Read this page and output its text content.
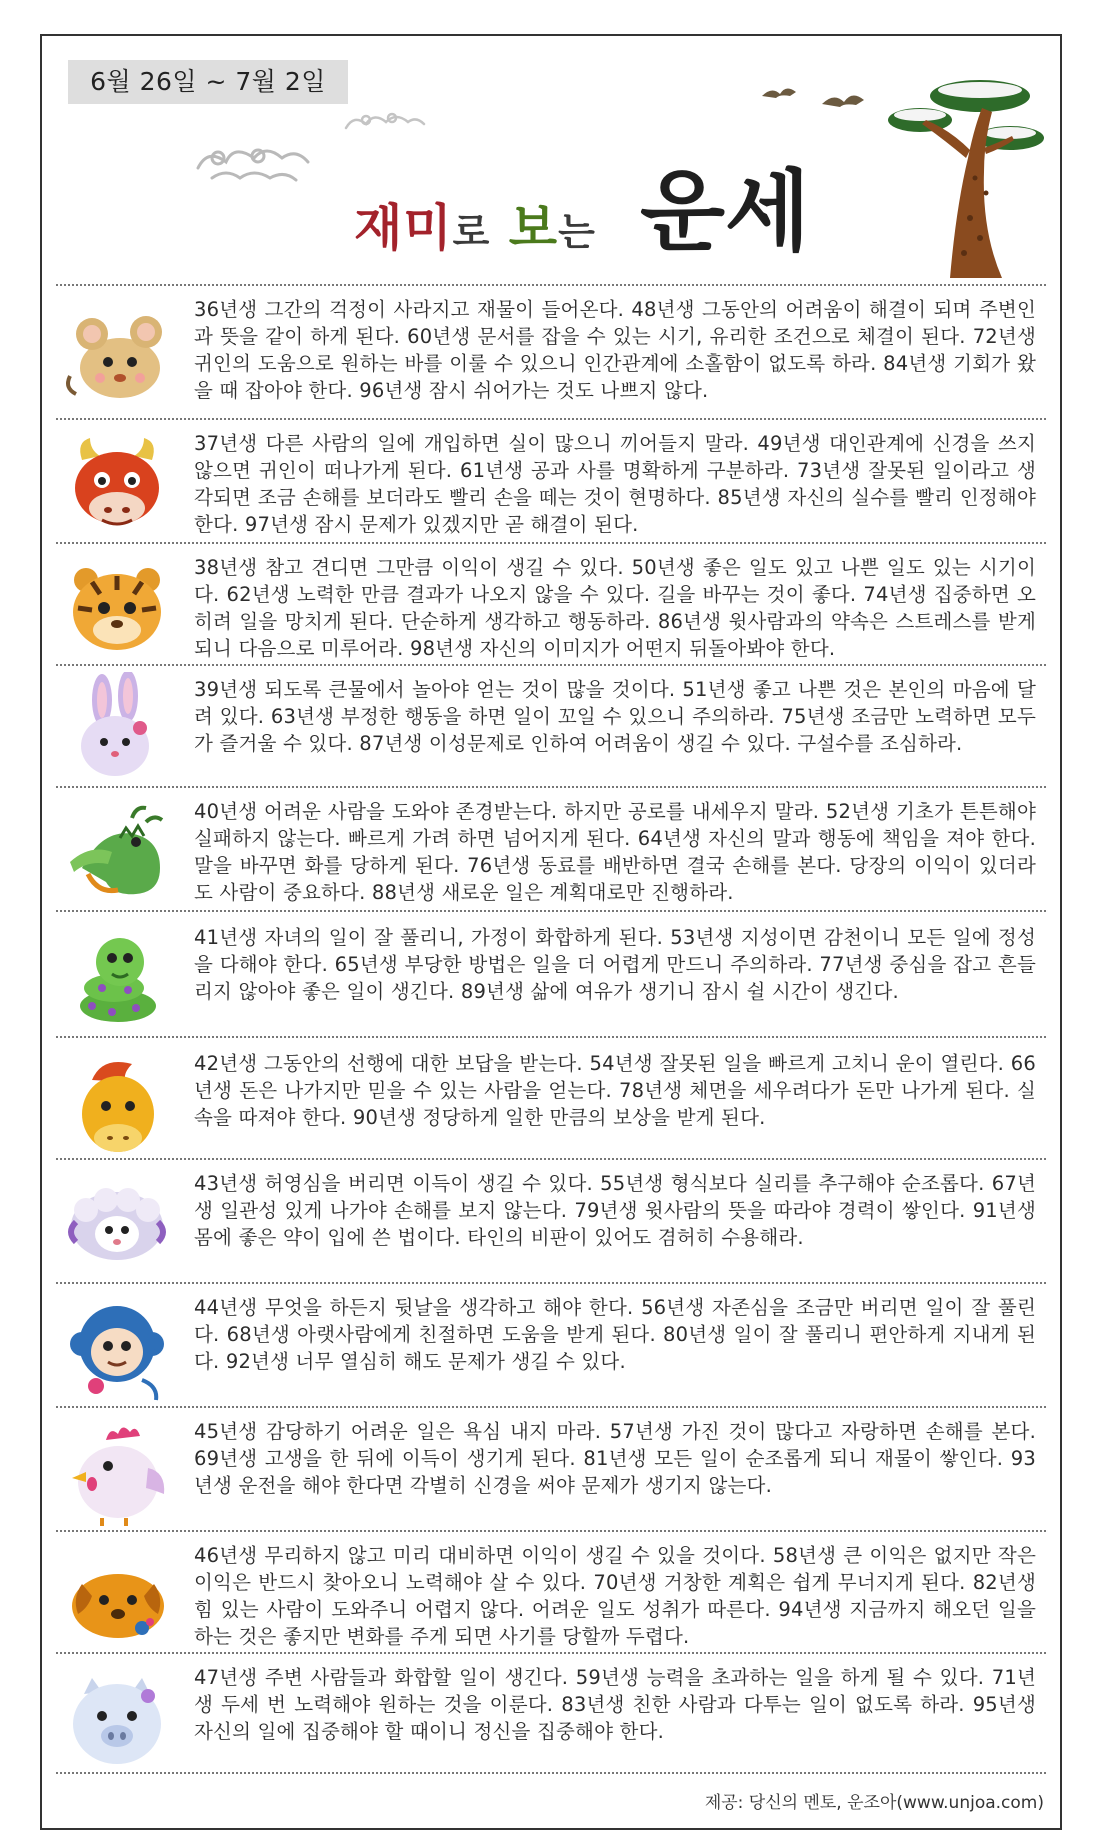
6월 26일 ~ 7월 2일
재미로 보는 운세
36년생 그간의 걱정이 사라지고 재물이 들어온다. 48년생 그동안의 어려움이 해결이 되며 주변인과 뜻을 같이 하게 된다. 60년생 문서를 잡을 수 있는 시기, 유리한 조건으로 체결이 된다. 72년생 귀인의 도움으로 원하는 바를 이룰 수 있으니 인간관계에 소홀함이 없도록 하라. 84년생 기회가 왔을 때 잡아야 한다. 96년생 잠시 쉬어가는 것도 나쁘지 않다.
37년생 다른 사람의 일에 개입하면 실이 많으니 끼어들지 말라. 49년생 대인관계에 신경을 쓰지 않으면 귀인이 떠나가게 된다. 61년생 공과 사를 명확하게 구분하라. 73년생 잘못된 일이라고 생각되면 조금 손해를 보더라도 빨리 손을 떼는 것이 현명하다. 85년생 자신의 실수를 빨리 인정해야 한다. 97년생 잠시 문제가 있겠지만 곧 해결이 된다.
38년생 참고 견디면 그만큼 이익이 생길 수 있다. 50년생 좋은 일도 있고 나쁜 일도 있는 시기이다. 62년생 노력한 만큼 결과가 나오지 않을 수 있다. 길을 바꾸는 것이 좋다. 74년생 집중하면 오히려 일을 망치게 된다. 단순하게 생각하고 행동하라. 86년생 윗사람과의 약속은 스트레스를 받게 되니 다음으로 미루어라. 98년생 자신의 이미지가 어떤지 뒤돌아봐야 한다.
39년생 되도록 큰물에서 놀아야 얻는 것이 많을 것이다. 51년생 좋고 나쁜 것은 본인의 마음에 달려 있다. 63년생 부정한 행동을 하면 일이 꼬일 수 있으니 주의하라. 75년생 조금만 노력하면 모두가 즐거울 수 있다. 87년생 이성문제로 인하여 어려움이 생길 수 있다. 구설수를 조심하라.
40년생 어려운 사람을 도와야 존경받는다. 하지만 공로를 내세우지 말라. 52년생 기초가 튼튼해야 실패하지 않는다. 빠르게 가려 하면 넘어지게 된다. 64년생 자신의 말과 행동에 책임을 져야 한다. 말을 바꾸면 화를 당하게 된다. 76년생 동료를 배반하면 결국 손해를 본다. 당장의 이익이 있더라도 사람이 중요하다. 88년생 새로운 일은 계획대로만 진행하라.
41년생 자녀의 일이 잘 풀리니, 가정이 화합하게 된다. 53년생 지성이면 감천이니 모든 일에 정성을 다해야 한다. 65년생 부당한 방법은 일을 더 어렵게 만드니 주의하라. 77년생 중심을 잡고 흔들리지 않아야 좋은 일이 생긴다. 89년생 삶에 여유가 생기니 잠시 쉴 시간이 생긴다.
42년생 그동안의 선행에 대한 보답을 받는다. 54년생 잘못된 일을 빠르게 고치니 운이 열린다. 66년생 돈은 나가지만 믿을 수 있는 사람을 얻는다. 78년생 체면을 세우려다가 돈만 나가게 된다. 실속을 따져야 한다. 90년생 정당하게 일한 만큼의 보상을 받게 된다.
43년생 허영심을 버리면 이득이 생길 수 있다. 55년생 형식보다 실리를 추구해야 순조롭다. 67년생 일관성 있게 나가야 손해를 보지 않는다. 79년생 윗사람의 뜻을 따라야 경력이 쌓인다. 91년생 몸에 좋은 약이 입에 쓴 법이다. 타인의 비판이 있어도 겸허히 수용해라.
44년생 무엇을 하든지 뒷날을 생각하고 해야 한다. 56년생 자존심을 조금만 버리면 일이 잘 풀린다. 68년생 아랫사람에게 친절하면 도움을 받게 된다. 80년생 일이 잘 풀리니 편안하게 지내게 된다. 92년생 너무 열심히 해도 문제가 생길 수 있다.
45년생 감당하기 어려운 일은 욕심 내지 마라. 57년생 가진 것이 많다고 자랑하면 손해를 본다. 69년생 고생을 한 뒤에 이득이 생기게 된다. 81년생 모든 일이 순조롭게 되니 재물이 쌓인다. 93년생 운전을 해야 한다면 각별히 신경을 써야 문제가 생기지 않는다.
46년생 무리하지 않고 미리 대비하면 이익이 생길 수 있을 것이다. 58년생 큰 이익은 없지만 작은 이익은 반드시 찾아오니 노력해야 살 수 있다. 70년생 거창한 계획은 쉽게 무너지게 된다. 82년생 힘 있는 사람이 도와주니 어렵지 않다. 어려운 일도 성취가 따른다. 94년생 지금까지 해오던 일을 하는 것은 좋지만 변화를 주게 되면 사기를 당할까 두렵다.
47년생 주변 사람들과 화합할 일이 생긴다. 59년생 능력을 초과하는 일을 하게 될 수 있다. 71년생 두세 번 노력해야 원하는 것을 이룬다. 83년생 친한 사람과 다투는 일이 없도록 하라. 95년생 자신의 일에 집중해야 할 때이니 정신을 집중해야 한다.
제공: 당신의 멘토, 운조아(www.unjoa.com)
